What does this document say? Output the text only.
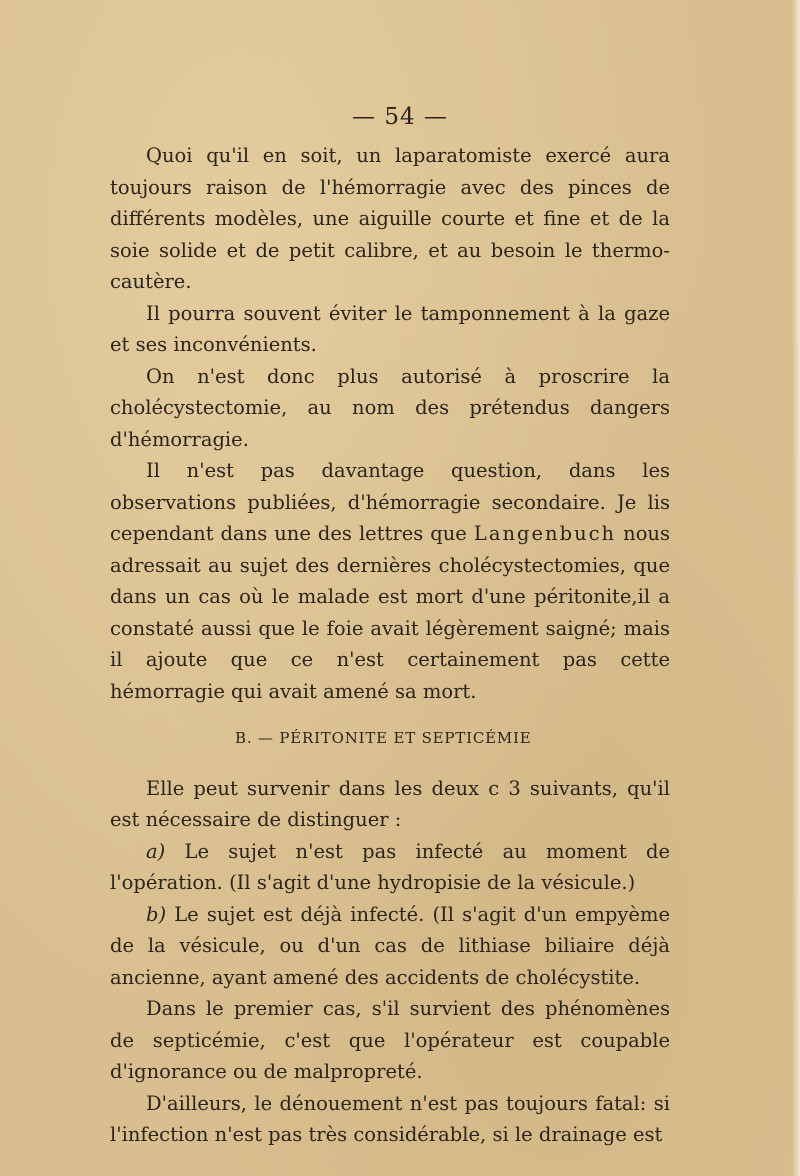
— 54 —

Quoi qu'il en soit, un laparatomiste exercé aura toujours raison de l'hémorragie avec des pinces de différents modèles, une aiguille courte et fine et de la soie solide et de petit calibre, et au besoin le thermo-cautère.

Il pourra souvent éviter le tamponnement à la gaze et ses inconvénients.

On n'est donc plus autorisé à proscrire la cholécystectomie, au nom des prétendus dangers d'hémorragie.

Il n'est pas davantage question, dans les observations publiées, d'hémorragie secondaire. Je lis cependant dans une des lettres que Langenbuch nous adressait au sujet des dernières cholécystectomies, que dans un cas où le malade est mort d'une péritonite,il a constaté aussi que le foie avait légèrement saigné; mais il ajoute que ce n'est certainement pas cette hémorragie qui avait amené sa mort.

B. — PÉRITONITE ET SEPTICÉMIE

Elle peut survenir dans les deux c 3 suivants, qu'il est nécessaire de distinguer :

a) Le sujet n'est pas infecté au moment de l'opération. (Il s'agit d'une hydropisie de la vésicule.)

b) Le sujet est déjà infecté. (Il s'agit d'un empyème de la vésicule, ou d'un cas de lithiase biliaire déjà ancienne, ayant amené des accidents de cholécystite.

Dans le premier cas, s'il survient des phénomènes de septicémie, c'est que l'opérateur est coupable d'ignorance ou de malpropreté.

D'ailleurs, le dénouement n'est pas toujours fatal: si l'infection n'est pas très considérable, si le drainage est
